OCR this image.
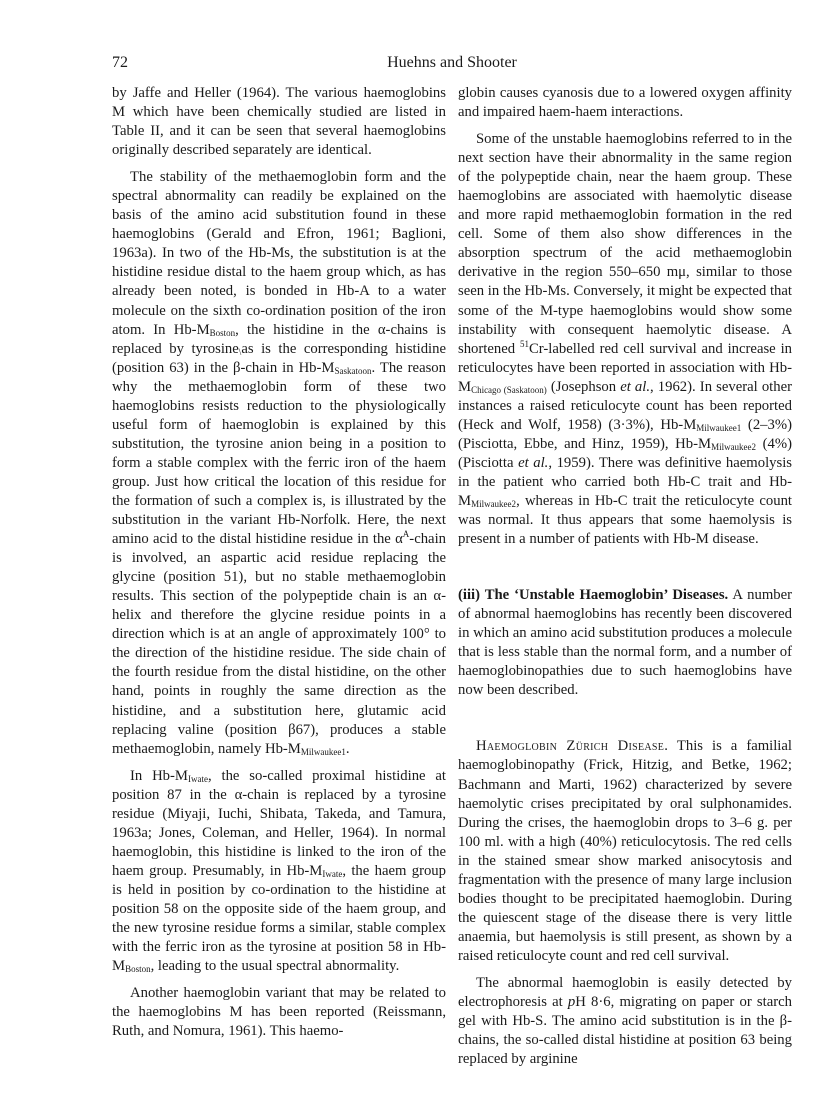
72	Huehns and Shooter

by Jaffe and Heller (1964). The various haemoglobins M which have been chemically studied are listed in Table II, and it can be seen that several haemoglobins originally described separately are identical.

The stability of the methaemoglobin form and the spectral abnormality can readily be explained on the basis of the amino acid substitution found in these haemoglobins (Gerald and Efron, 1961; Baglioni, 1963a). In two of the Hb-Ms, the substitution is at the histidine residue distal to the haem group which, as has already been noted, is bonded in Hb-A to a water molecule on the sixth co-ordination position of the iron atom. In $Hb-M_{Boston}$, the histidine in the α-chains is replaced by tyrosine$_\backslash$as is the corresponding histidine (position 63) in the β-chain in $Hb-M_{Saskatoon}$. The reason why the methaemoglobin form of these two haemoglobins resists reduction to the physiologically useful form of haemoglobin is explained by this substitution, the tyrosine anion being in a position to form a stable complex with the ferric iron of the haem group. Just how critical the location of this residue for the formation of such a complex is, is illustrated by the substitution in the variant Hb-Norfolk. Here, the next amino acid to the distal histidine residue in the $\alpha^A$-chain is involved, an aspartic acid residue replacing the glycine (position 51), but no stable methaemoglobin results. This section of the polypeptide chain is an α-helix and therefore the glycine residue points in a direction which is at an angle of approximately 100° to the direction of the histidine residue. The side chain of the fourth residue from the distal histidine, on the other hand, points in roughly the same direction as the histidine, and a substitution here, glutamic acid replacing valine (position β67), produces a stable methaemoglobin, namely $Hb-M_{Milwaukee1}$.

In $Hb-M_{Iwate}$, the so-called proximal histidine at position 87 in the α-chain is replaced by a tyrosine residue (Miyaji, Iuchi, Shibata, Takeda, and Tamura, 1963a; Jones, Coleman, and Heller, 1964). In normal haemoglobin, this histidine is linked to the iron of the haem group. Presumably, in $Hb-M_{Iwate}$, the haem group is held in position by co-ordination to the histidine at position 58 on the opposite side of the haem group, and the new tyrosine residue forms a similar, stable complex with the ferric iron as the tyrosine at position 58 in $Hb-M_{Boston}$, leading to the usual spectral abnormality.

Another haemoglobin variant that may be related to the haemoglobins M has been reported (Reissmann, Ruth, and Nomura, 1961). This haemo-

globin causes cyanosis due to a lowered oxygen affinity and impaired haem-haem interactions.

Some of the unstable haemoglobins referred to in the next section have their abnormality in the same region of the polypeptide chain, near the haem group. These haemoglobins are associated with haemolytic disease and more rapid methaemoglobin formation in the red cell. Some of them also show differences in the absorption spectrum of the acid methaemoglobin derivative in the region 550–650 mμ, similar to those seen in the Hb-Ms. Conversely, it might be expected that some of the M-type haemoglobins would show some instability with consequent haemolytic disease. A shortened $^{51}$Cr-labelled red cell survival and increase in reticulocytes have been reported in association with $Hb-M_{Chicago (Saskatoon)}$ (Josephson et al., 1962). In several other instances a raised reticulocyte count has been reported (Heck and Wolf, 1958) (3·3%), $Hb-M_{Milwaukee1}$ (2–3%) (Pisciotta, Ebbe, and Hinz, 1959), $Hb-M_{Milwaukee2}$ (4%) (Pisciotta et al., 1959). There was definitive haemolysis in the patient who carried both Hb-C trait and $Hb-M_{Milwaukee2}$, whereas in Hb-C trait the reticulocyte count was normal. It thus appears that some haemolysis is present in a number of patients with Hb-M disease.

(iii) The ‘Unstable Haemoglobin’ Diseases. A number of abnormal haemoglobins has recently been discovered in which an amino acid substitution produces a molecule that is less stable than the normal form, and a number of haemoglobinopathies due to such haemoglobins have now been described.

Haemoglobin Zürich Disease. This is a familial haemoglobinopathy (Frick, Hitzig, and Betke, 1962; Bachmann and Marti, 1962) characterized by severe haemolytic crises precipitated by oral sulphonamides. During the crises, the haemoglobin drops to 3–6 g. per 100 ml. with a high (40%) reticulocytosis. The red cells in the stained smear show marked anisocytosis and fragmentation with the presence of many large inclusion bodies thought to be precipitated haemoglobin. During the quiescent stage of the disease there is very little anaemia, but haemolysis is still present, as shown by a raised reticulocyte count and red cell survival.

The abnormal haemoglobin is easily detected by electrophoresis at pH 8·6, migrating on paper or starch gel with Hb-S. The amino acid substitution is in the β-chains, the so-called distal histidine at position 63 being replaced by arginine
